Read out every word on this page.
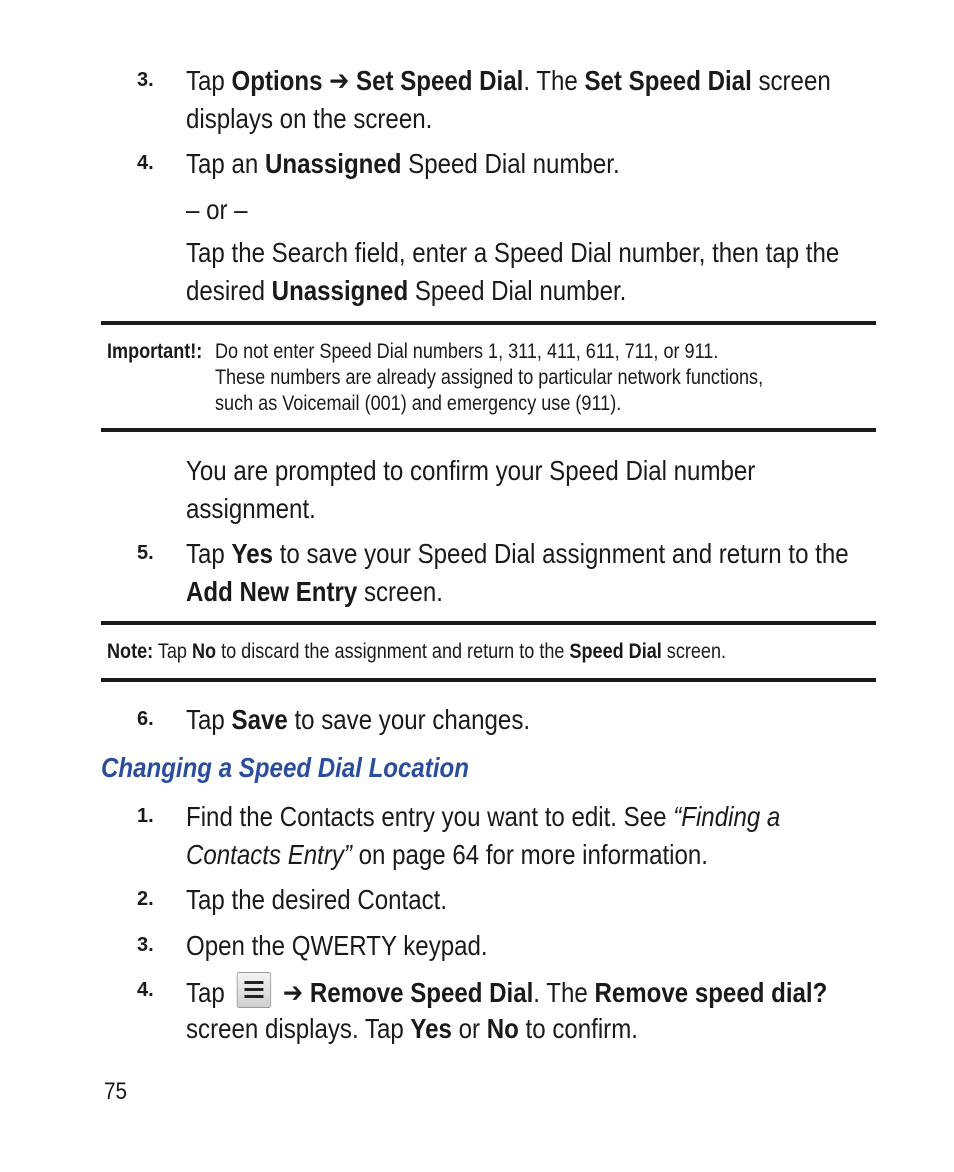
3. Tap Options ➔ Set Speed Dial. The Set Speed Dial screen
displays on the screen.
4. Tap an Unassigned Speed Dial number.
– or –
Tap the Search field, enter a Speed Dial number, then tap the
desired Unassigned Speed Dial number.
Important!: Do not enter Speed Dial numbers 1, 311, 411, 611, 711, or 911.
These numbers are already assigned to particular network functions,
such as Voicemail (001) and emergency use (911).
You are prompted to confirm your Speed Dial number
assignment.
5. Tap Yes to save your Speed Dial assignment and return to the
Add New Entry screen.
Note: Tap No to discard the assignment and return to the Speed Dial screen.
6. Tap Save to save your changes.
Changing a Speed Dial Location
1. Find the Contacts entry you want to edit. See “Finding a
Contacts Entry” on page 64 for more information.
2. Tap the desired Contact.
3. Open the QWERTY keypad.
4. Tap
➔ Remove Speed Dial. The Remove speed dial?
screen displays. Tap Yes or No to confirm.
75
